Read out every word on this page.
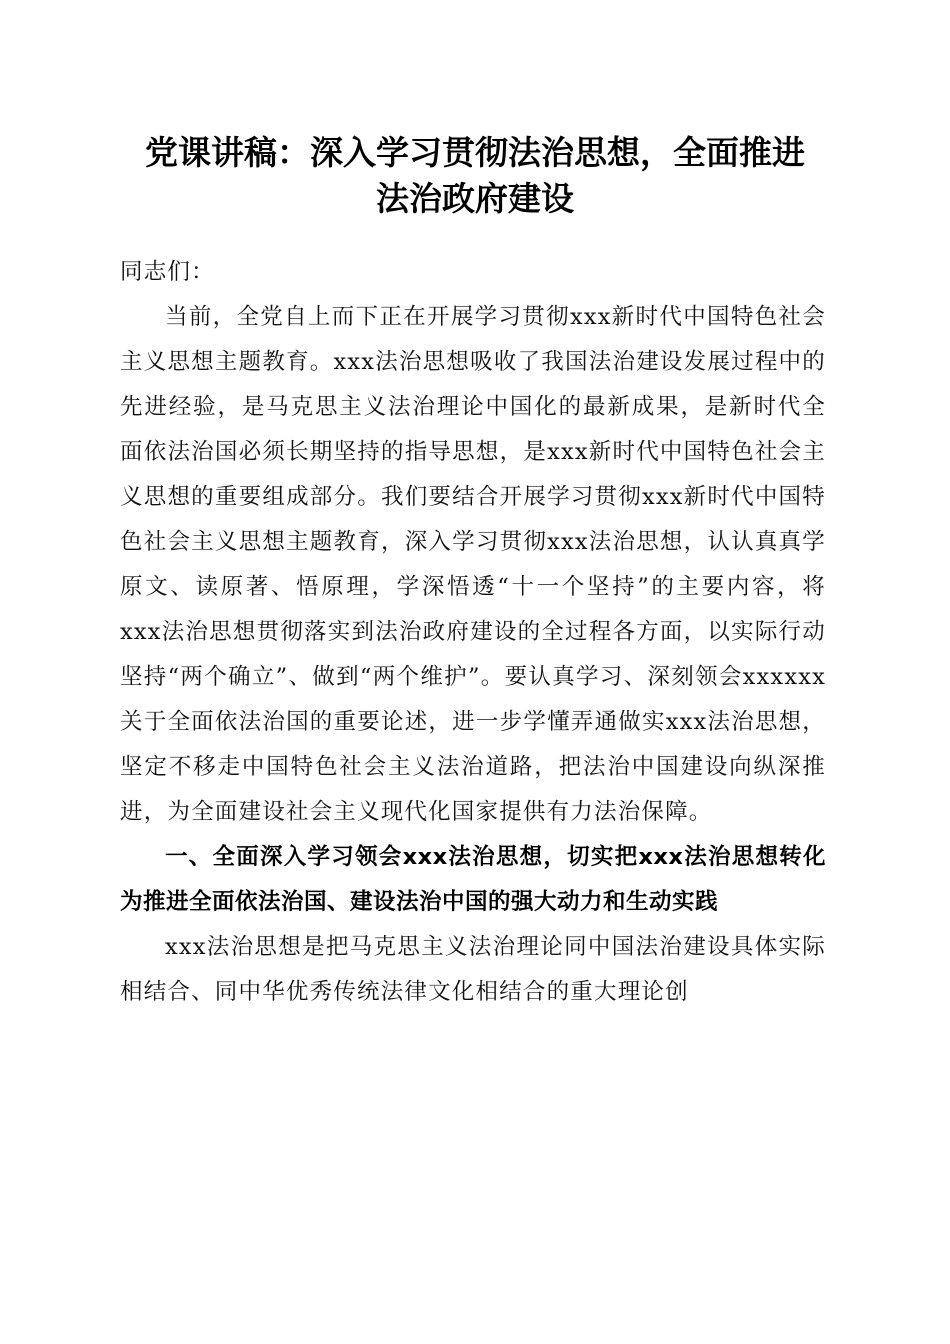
党课讲稿：深入学习贯彻法治思想，全面推进
法治政府建设

同志们：

当前，全党自上而下正在开展学习贯彻xxx新时代中国特色社会主义思想主题教育。xxx法治思想吸收了我国法治建设发展过程中的先进经验，是马克思主义法治理论中国化的最新成果，是新时代全面依法治国必须长期坚持的指导思想，是xxx新时代中国特色社会主义思想的重要组成部分。我们要结合开展学习贯彻xxx新时代中国特色社会主义思想主题教育，深入学习贯彻xxx法治思想，认认真真学原文、读原著、悟原理，学深悟透“十一个坚持”的主要内容，将xxx法治思想贯彻落实到法治政府建设的全过程各方面，以实际行动坚持“两个确立”、做到“两个维护”。要认真学习、深刻领会xxxxxx关于全面依法治国的重要论述，进一步学懂弄通做实xxx法治思想，坚定不移走中国特色社会主义法治道路，把法治中国建设向纵深推进，为全面建设社会主义现代化国家提供有力法治保障。

一、全面深入学习领会xxx法治思想，切实把xxx法治思想转化为推进全面依法治国、建设法治中国的强大动力和生动实践

xxx法治思想是把马克思主义法治理论同中国法治建设具体实际相结合、同中华优秀传统法律文化相结合的重大理论创
